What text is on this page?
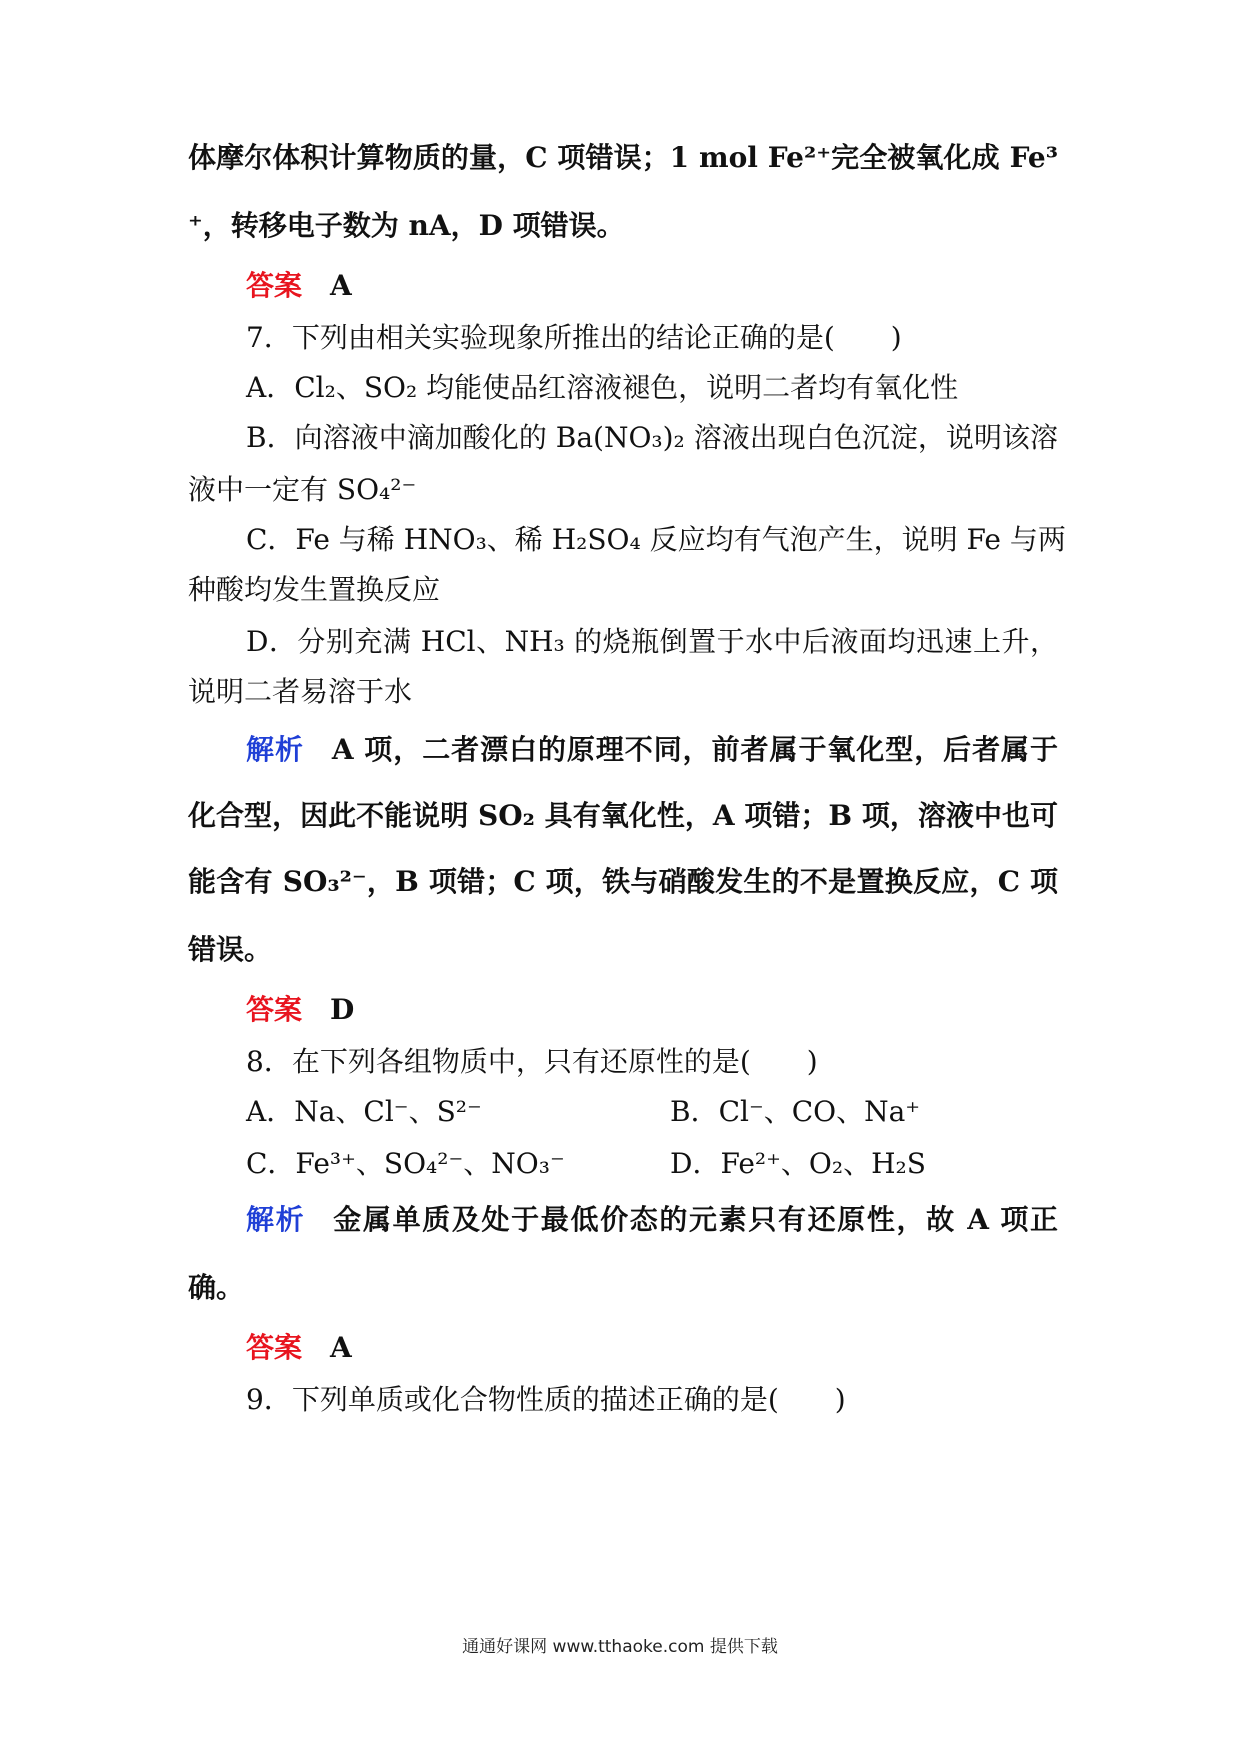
体摩尔体积计算物质的量，C 项错误；1 mol Fe²⁺完全被氧化成 Fe³
⁺，转移电子数为 nA，D 项错误。
答案 A
7．下列由相关实验现象所推出的结论正确的是(　　)
A．Cl₂、SO₂ 均能使品红溶液褪色，说明二者均有氧化性
B．向溶液中滴加酸化的 Ba(NO₃)₂ 溶液出现白色沉淀，说明该溶
液中一定有 SO₄²⁻
C．Fe 与稀 HNO₃、稀 H₂SO₄ 反应均有气泡产生，说明 Fe 与两
种酸均发生置换反应
D．分别充满 HCl、NH₃ 的烧瓶倒置于水中后液面均迅速上升，
说明二者易溶于水
解析 A 项，二者漂白的原理不同，前者属于氧化型，后者属于
化合型，因此不能说明 SO₂ 具有氧化性，A 项错；B 项，溶液中也可
能含有 SO₃²⁻，B 项错；C 项，铁与硝酸发生的不是置换反应，C 项
错误。
答案 D
8．在下列各组物质中，只有还原性的是(　　)
A．Na、Cl⁻、S²⁻	B．Cl⁻、CO、Na⁺
C．Fe³⁺、SO₄²⁻、NO₃⁻	D．Fe²⁺、O₂、H₂S
解析 金属单质及处于最低价态的元素只有还原性，故 A 项正
确。
答案 A
9．下列单质或化合物性质的描述正确的是(　　)
通通好课网 www.tthaoke.com 提供下载
